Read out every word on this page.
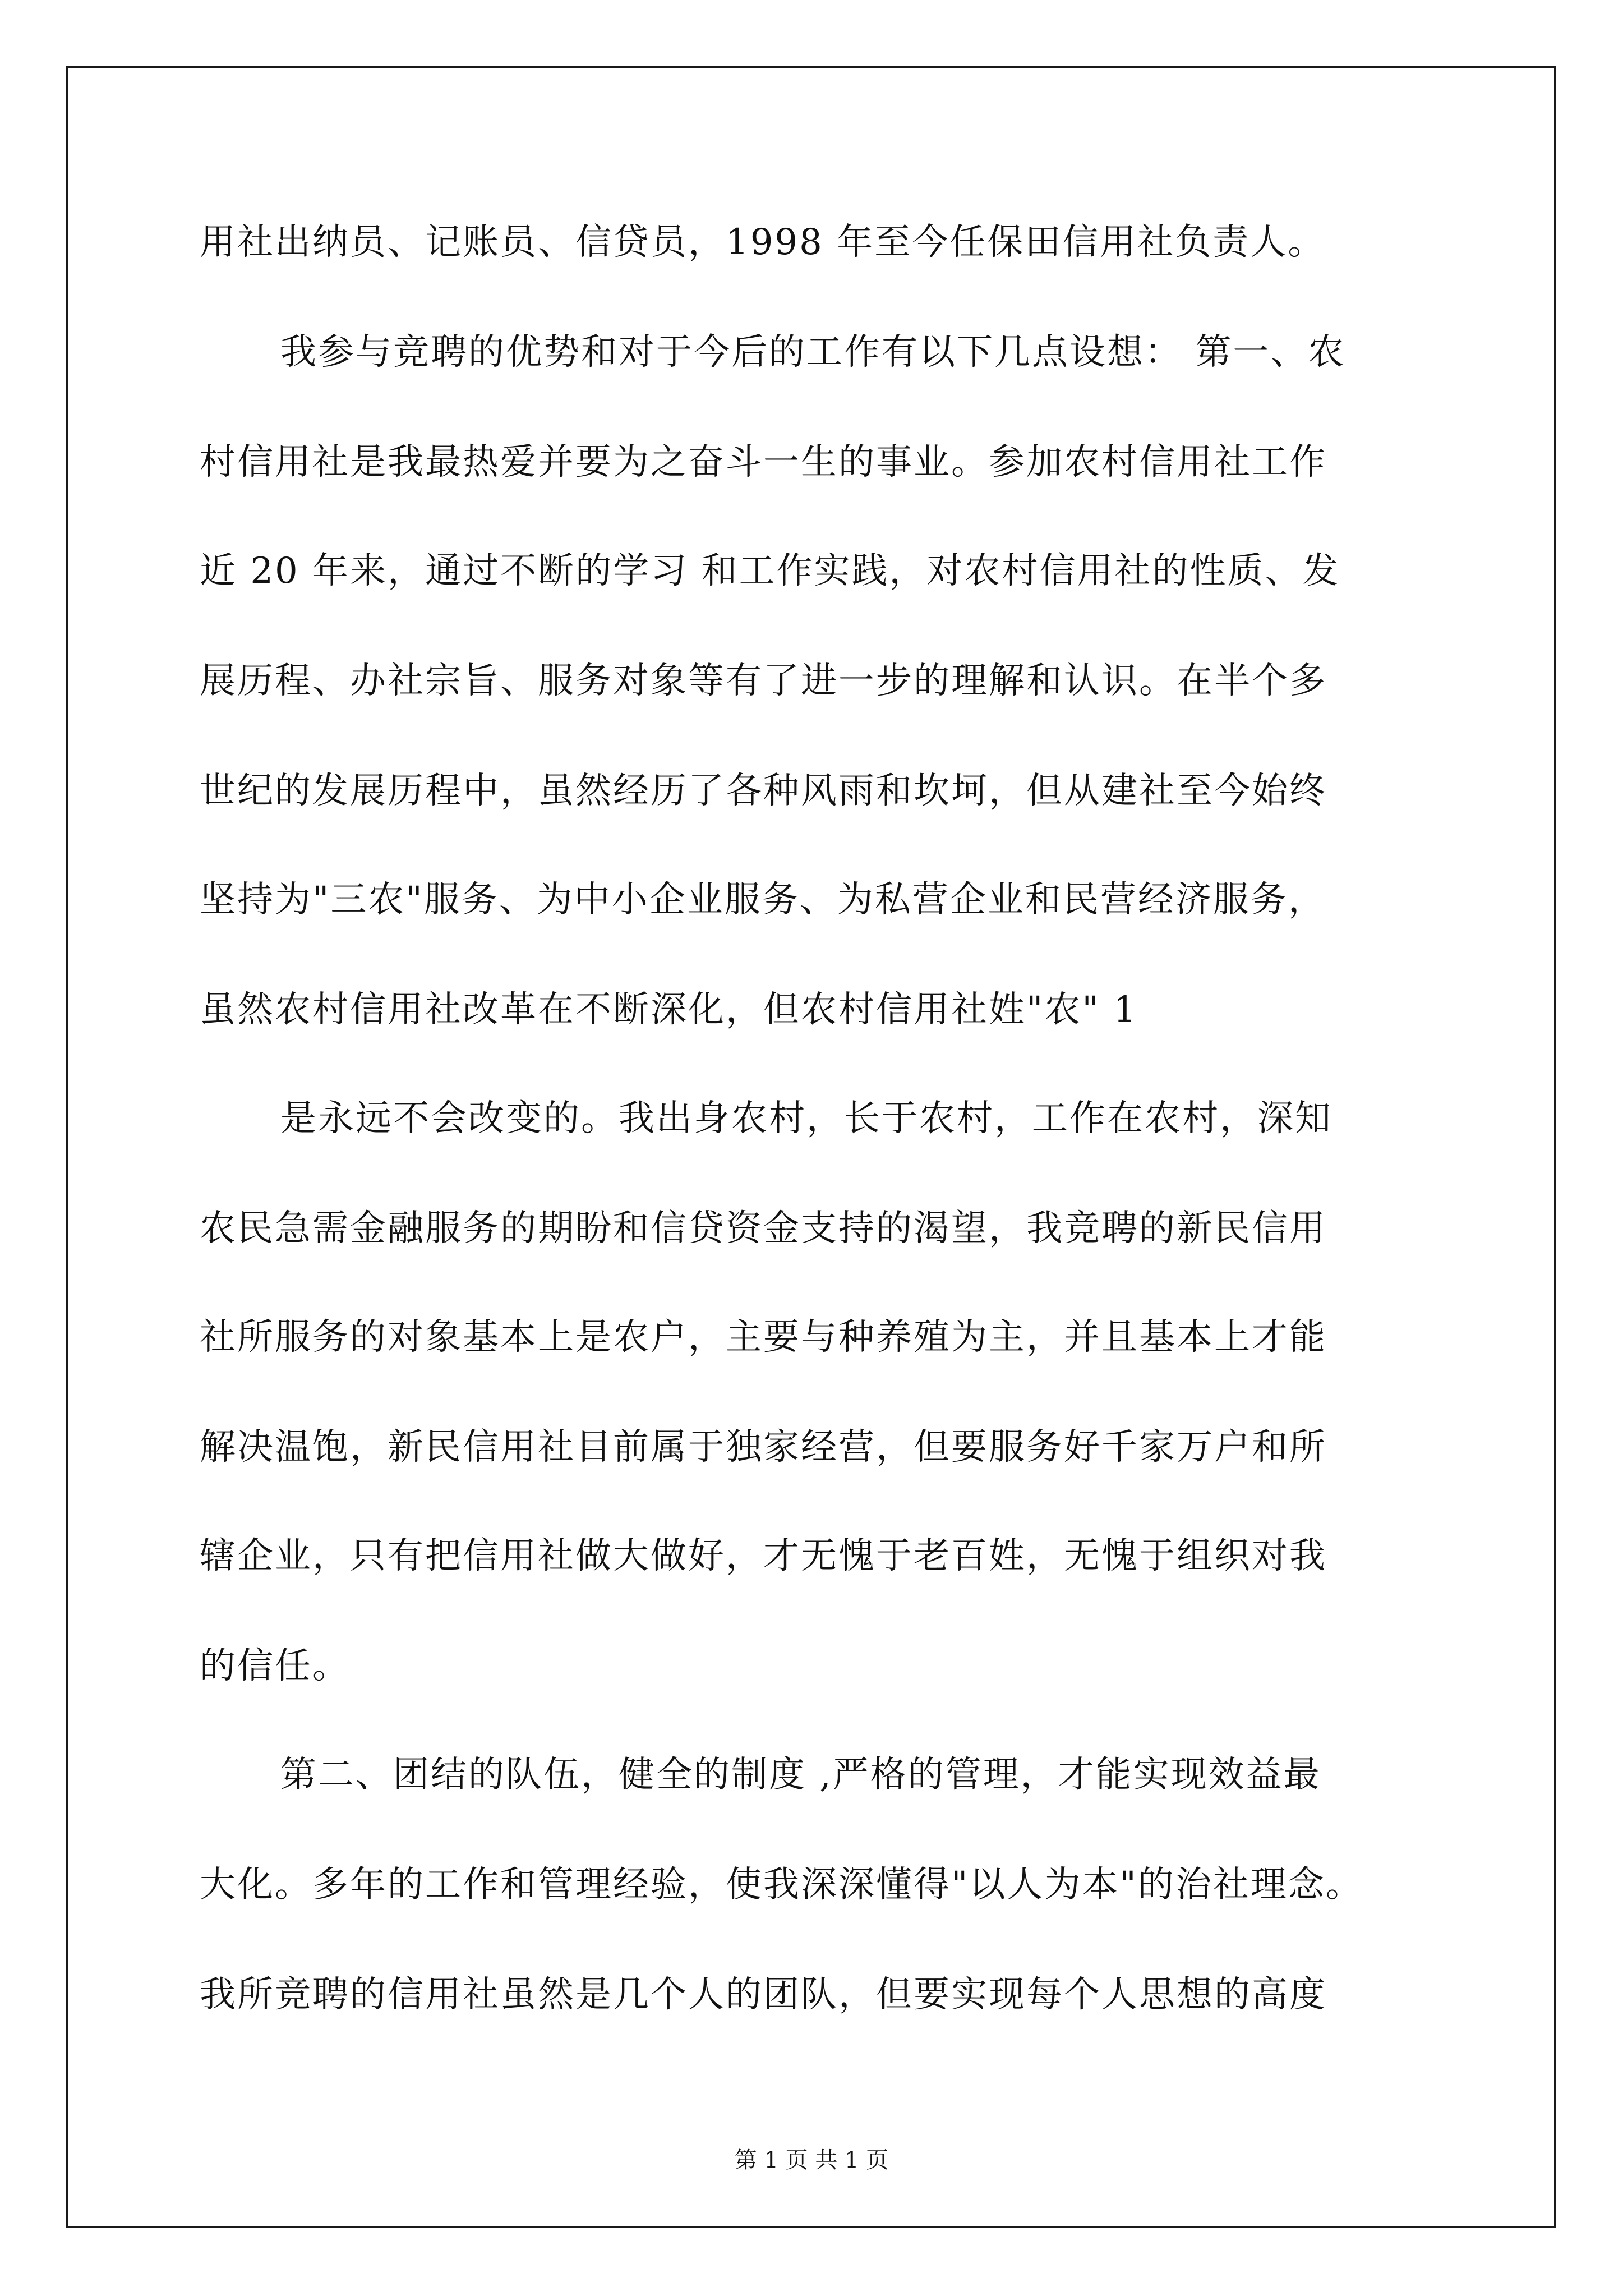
用社出纳员、记账员、信贷员，1998 年至今任保田信用社负责人。
我参与竞聘的优势和对于今后的工作有以下几点设想： 第一、农
村信用社是我最热爱并要为之奋斗一生的事业。参加农村信用社工作
近 20 年来，通过不断的学习 和工作实践，对农村信用社的性质、发
展历程、办社宗旨、服务对象等有了进一步的理解和认识。在半个多
世纪的发展历程中，虽然经历了各种风雨和坎坷，但从建社至今始终
坚持为"三农"服务、为中小企业服务、为私营企业和民营经济服务，
虽然农村信用社改革在不断深化，但农村信用社姓"农" 1
是永远不会改变的。我出身农村，长于农村，工作在农村，深知
农民急需金融服务的期盼和信贷资金支持的渴望，我竞聘的新民信用
社所服务的对象基本上是农户，主要与种养殖为主，并且基本上才能
解决温饱，新民信用社目前属于独家经营，但要服务好千家万户和所
辖企业，只有把信用社做大做好，才无愧于老百姓，无愧于组织对我
的信任。
第二、团结的队伍，健全的制度 ,严格的管理，才能实现效益最
大化。多年的工作和管理经验，使我深深懂得"以人为本"的治社理念。
我所竞聘的信用社虽然是几个人的团队，但要实现每个人思想的高度
第 1 页 共 1 页
